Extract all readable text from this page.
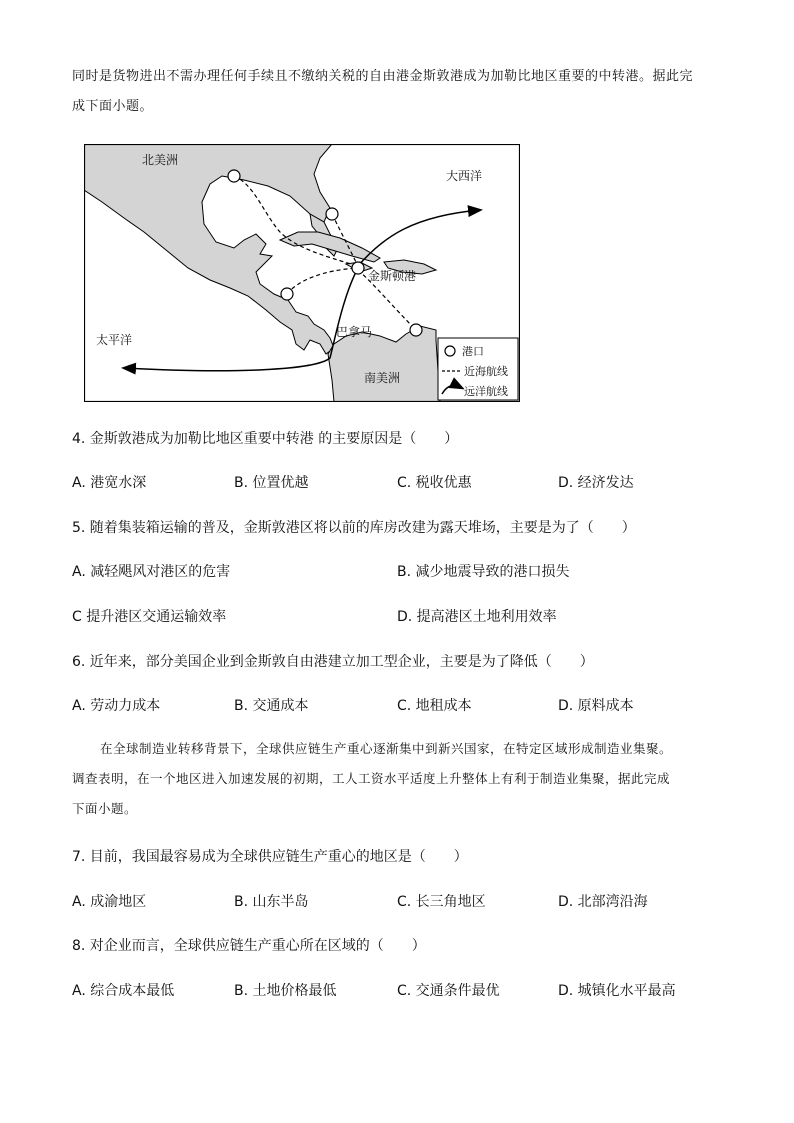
同时是货物进出不需办理任何手续且不缴纳关税的自由港金斯敦港成为加勒比地区重要的中转港。据此完
成下面小题。
北美洲
大西洋
金斯顿港
太平洋
巴拿马
南美洲
港口
近海航线
远洋航线
4. 金斯敦港成为加勒比地区重要中转港 的主要原因是（　　）
A. 港宽水深	B. 位置优越	C. 税收优惠	D. 经济发达
5. 随着集装箱运输的普及，金斯敦港区将以前的库房改建为露天堆场，主要是为了（　　）
A. 减轻飓风对港区的危害	B. 减少地震导致的港口损失
C 提升港区交通运输效率	D. 提高港区土地利用效率
6. 近年来，部分美国企业到金斯敦自由港建立加工型企业，主要是为了降低（　　）
A. 劳动力成本	B. 交通成本	C. 地租成本	D. 原料成本
在全球制造业转移背景下，全球供应链生产重心逐渐集中到新兴国家，在特定区域形成制造业集聚。
调查表明，在一个地区进入加速发展的初期，工人工资水平适度上升整体上有利于制造业集聚，据此完成
下面小题。
7. 目前，我国最容易成为全球供应链生产重心的地区是（　　）
A. 成渝地区	B. 山东半岛	C. 长三角地区	D. 北部湾沿海
8. 对企业而言，全球供应链生产重心所在区域的（　　）
A. 综合成本最低	B. 土地价格最低	C. 交通条件最优	D. 城镇化水平最高
